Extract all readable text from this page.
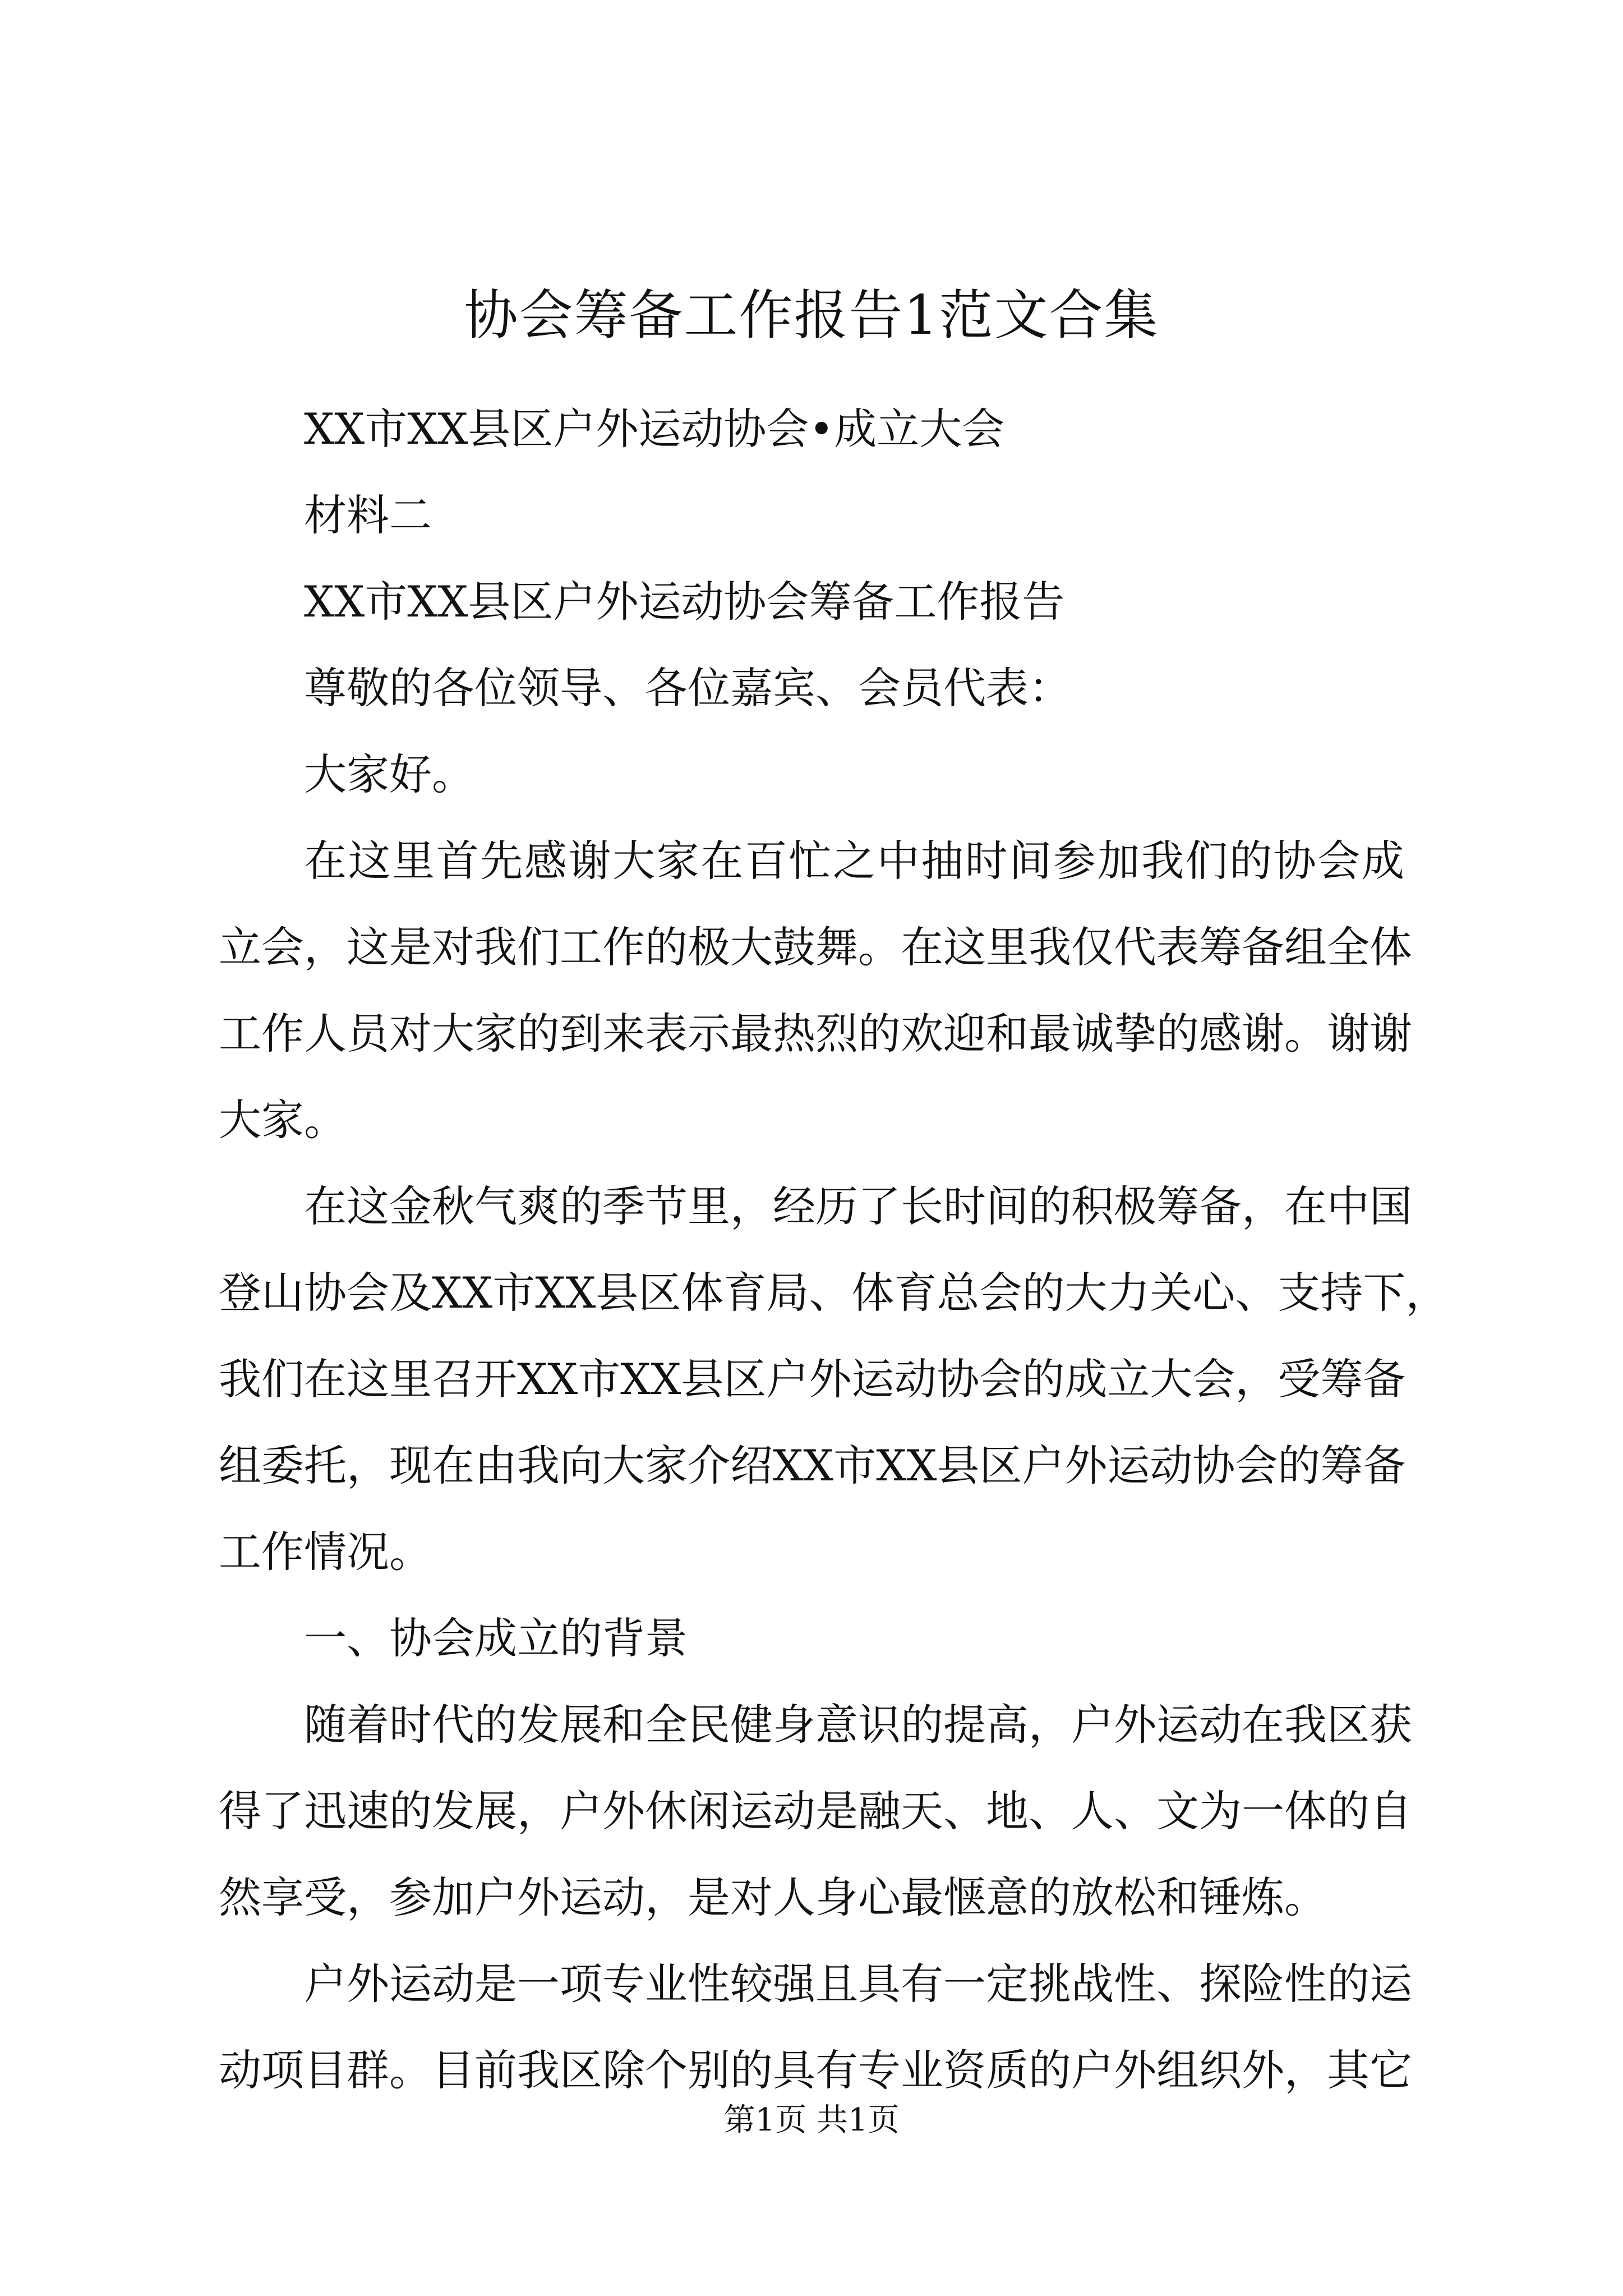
协会筹备工作报告1范文合集

XX市XX县区户外运动协会•成立大会

材料二

XX市XX县区户外运动协会筹备工作报告

尊敬的各位领导、各位嘉宾、会员代表：

大家好。

在这里首先感谢大家在百忙之中抽时间参加我们的协会成

立会，这是对我们工作的极大鼓舞。在这里我仅代表筹备组全体

工作人员对大家的到来表示最热烈的欢迎和最诚挚的感谢。谢谢

大家。

在这金秋气爽的季节里，经历了长时间的积极筹备，在中国

登山协会及XX市XX县区体育局、体育总会的大力关心、支持下，

我们在这里召开XX市XX县区户外运动协会的成立大会，受筹备

组委托，现在由我向大家介绍XX市XX县区户外运动协会的筹备

工作情况。

一、协会成立的背景

随着时代的发展和全民健身意识的提高，户外运动在我区获

得了迅速的发展，户外休闲运动是融天、地、人、文为一体的自

然享受，参加户外运动，是对人身心最惬意的放松和锤炼。

户外运动是一项专业性较强且具有一定挑战性、探险性的运

动项目群。目前我区除个别的具有专业资质的户外组织外，其它

第1页 共1页
